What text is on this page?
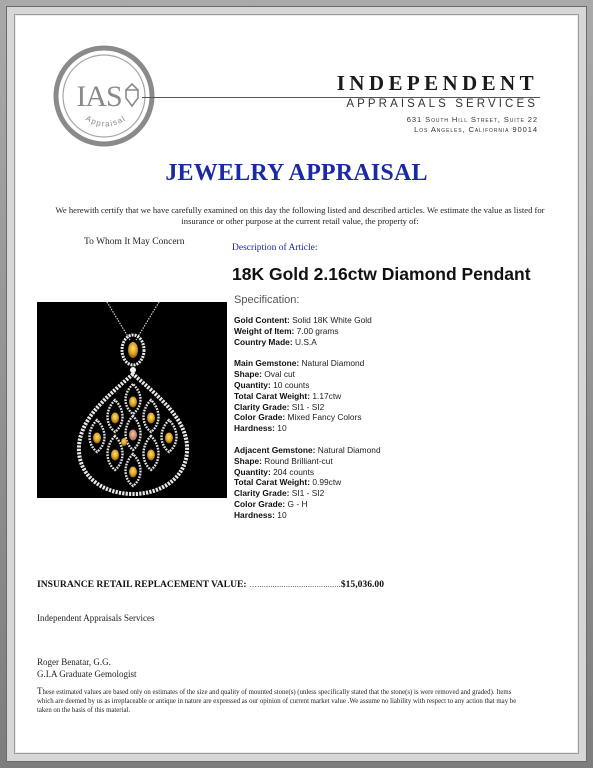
IAS
Appraisal
INDEPENDENT
APPRAISALS SERVICES
631 South Hill Street, Suite 22
Los Angeles, California 90014
JEWELRY APPRAISAL
We herewith certify that we have carefully examined on this day the following listed and described articles. We estimate the value as listed for insurance or other purpose at the current retail value, the property of:
To Whom It May Concern
Description of Article:
18K Gold 2.16ctw Diamond Pendant
Specification:
Gold Content: Solid 18K White Gold
Weight of Item: 7.00 grams
Country Made: U.S.A
Main Gemstone: Natural Diamond
Shape: Oval cut
Quantity: 10 counts
Total Carat Weight: 1.17ctw
Clarity Grade: SI1 - SI2
Color Grade: Mixed Fancy Colors
Hardness: 10
Adjacent Gemstone: Natural Diamond
Shape: Round Brilliant-cut
Quantity: 204 counts
Total Carat Weight: 0.99ctw
Clarity Grade: SI1 - SI2
Color Grade: G - H
Hardness: 10
INSURANCE RETAIL REPLACEMENT VALUE: …......................................$15,036.00
Independent Appraisals Services
Roger Benatar, G.G.
G.I.A Graduate Gemologist
These estimated values are based only on estimates of the size and quality of mounted stone(s) (unless specifically stated that the stone(s) is were removed and graded). Items which are deemed by us as irreplaceable or antique in nature are expressed as our opinion of current market value .We assume no liability with respect to any action that may be taken on the basis of this material.
